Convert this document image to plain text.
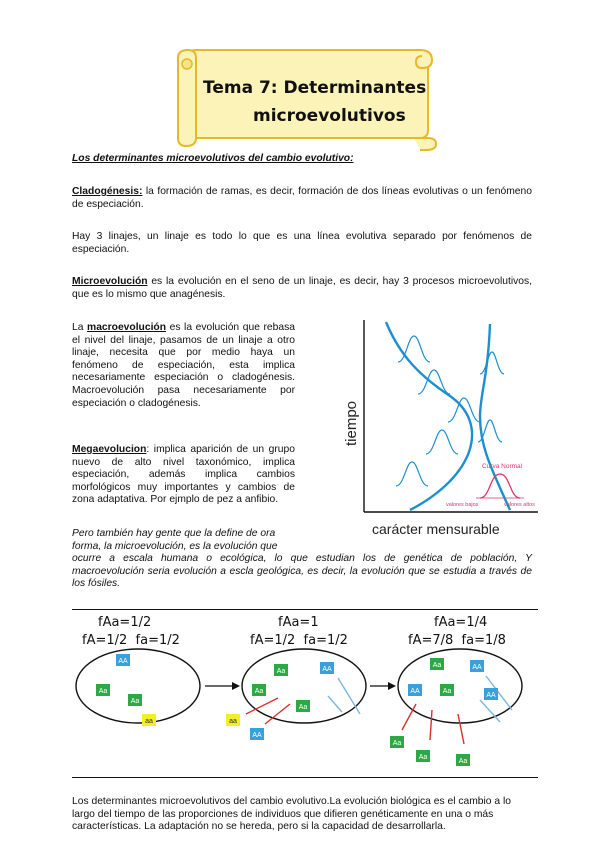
Tema 7: Determinantes
microevolutivos
Los determinantes microevolutivos del cambio evolutivo:
Cladogénesis: la formación de ramas, es decir, formación de dos líneas evolutivas o un fenómeno de especiación.
Hay 3 linajes, un linaje es todo lo que es una línea evolutiva separado por fenómenos de especiación.
Microevolución es la evolución en el seno de un linaje, es decir, hay 3 procesos microevolutivos, que es lo mismo que anagénesis.
La macroevolución es la evolución que rebasa el nivel del linaje, pasamos de un linaje a otro linaje, necesita que por medio haya un fenómeno de especiación, esta implica necesariamente especiación o cladogénesis. Macroevolución pasa necesariamente por especiación o cladogénesis.
Megaevolucion: implica aparición de un grupo nuevo de alto nivel taxonómico, implica especiación, además implica cambios morfológicos muy importantes y cambios de zona adaptativa. Por ejmplo de pez a anfibio.
Pero también hay gente que la define de ora forma, la microevolución, es la evolución que
ocurre a escala humana o ecológica, lo que estudian los de genética de población, Y macroevolución seria evolución a escla geológica, es decir, la evolución que se estudia a través de los fósiles.
tiempo
carácter mensurable
Curva Normal
valores bajos	valores altos
fAa=1/2
fA=1/2  fa=1/2
fAa=1
fA=1/2  fa=1/2
fAa=1/4
fA=7/8  fa=1/8
AA
Aa
Aa
aa
Aa	AA
Aa
Aa
aa
AA
Aa	AA
AA	Aa
AA
Aa
Aa
Aa
Los determinantes microevolutivos del cambio evolutivo.La evolución biológica es el cambio a lo largo del tiempo de las proporciones de individuos que difieren genéticamente en una o más características. La adaptación no se hereda, pero si la capacidad de desarrollarla.
